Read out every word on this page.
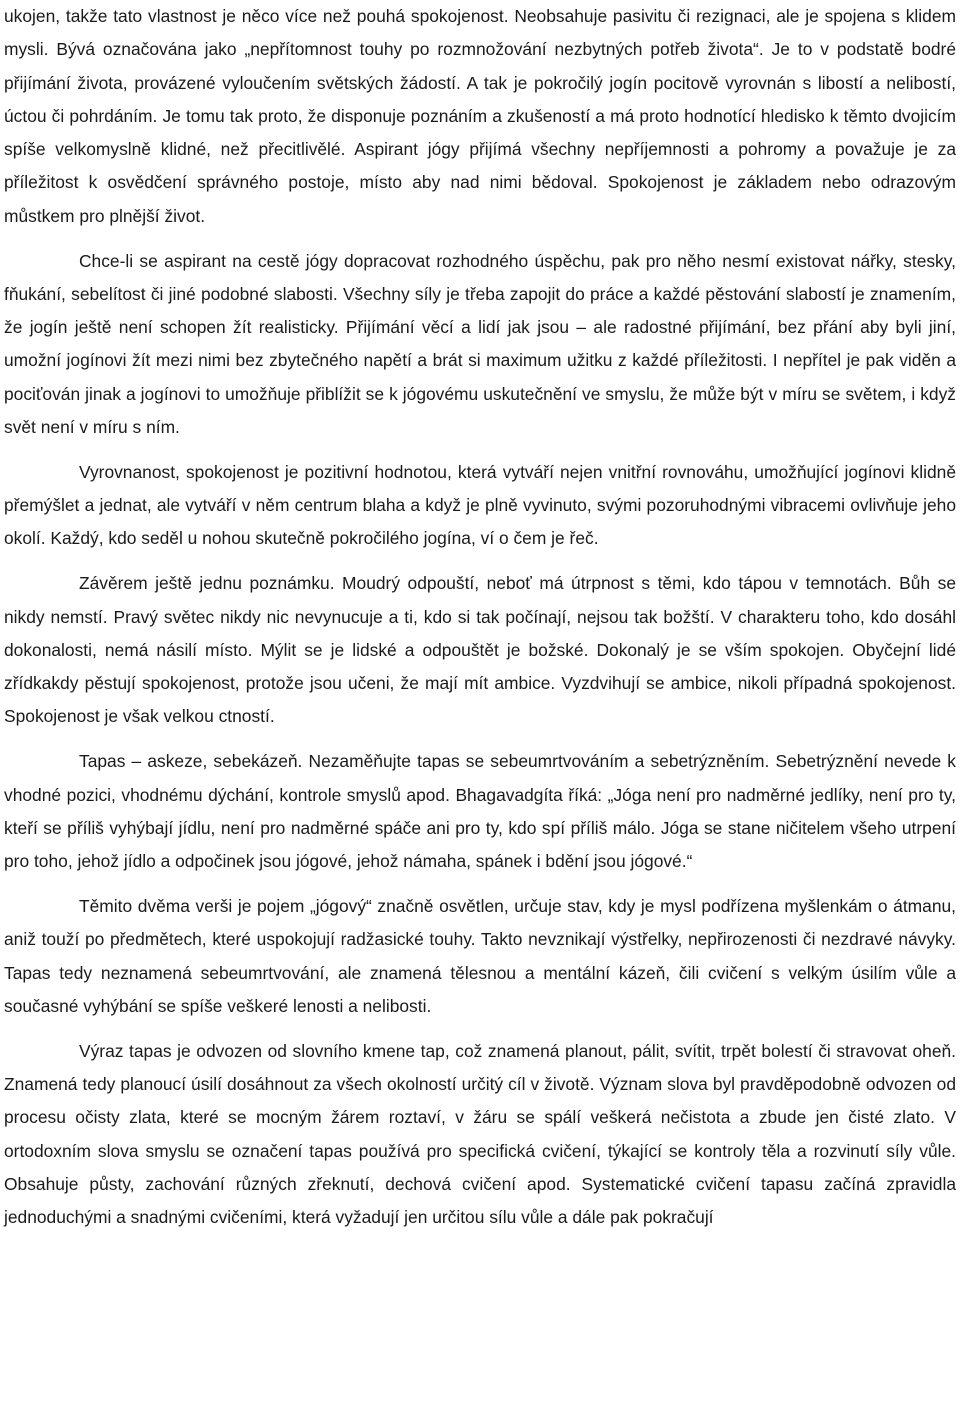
ukojen, takže tato vlastnost je něco více než pouhá spokojenost. Neobsahuje pasivitu či rezignaci, ale je spojena s klidem mysli. Bývá označována jako „nepřítomnost touhy po rozmnožování nezbytných potřeb života“. Je to v podstatě bodré přijímání života, provázené vyloučením světských žádostí. A tak je pokročilý jogín pocitově vyrovnán s libostí a nelibostí, úctou či pohrdáním. Je tomu tak proto, že disponuje poznáním a zkušeností a má proto hodnotící hledisko k těmto dvojicím spíše velkomyslně klidné, než přecitlivělé. Aspirant jógy přijímá všechny nepříjemnosti a pohromy a považuje je za příležitost k osvědčení správného postoje, místo aby nad nimi bědoval. Spokojenost je základem nebo odrazovým můstkem pro plnější život.

Chce-li se aspirant na cestě jógy dopracovat rozhodného úspěchu, pak pro něho nesmí existovat nářky, stesky, fňukání, sebelítost či jiné podobné slabosti. Všechny síly je třeba zapojit do práce a každé pěstování slabostí je znamením, že jogín ještě není schopen žít realisticky. Přijímání věcí a lidí jak jsou – ale radostné přijímání, bez přání aby byli jiní, umožní jogínovi žít mezi nimi bez zbytečného napětí a brát si maximum užitku z každé příležitosti. I nepřítel je pak viděn a pociťován jinak a jogínovi to umožňuje přiblížit se k jógovému uskutečnění ve smyslu, že může být v míru se světem, i když svět není v míru s ním.

Vyrovnanost, spokojenost je pozitivní hodnotou, která vytváří nejen vnitřní rovnováhu, umožňující jogínovi klidně přemýšlet a jednat, ale vytváří v něm centrum blaha a když je plně vyvinuto, svými pozoruhodnými vibracemi ovlivňuje jeho okolí. Každý, kdo seděl u nohou skutečně pokročilého jogína, ví o čem je řeč.

Závěrem ještě jednu poznámku. Moudrý odpouští, neboť má útrpnost s těmi, kdo tápou v temnotách. Bůh se nikdy nemstí. Pravý světec nikdy nic nevynucuje a ti, kdo si tak počínají, nejsou tak božští. V charakteru toho, kdo dosáhl dokonalosti, nemá násilí místo. Mýlit se je lidské a odpouštět je božské. Dokonalý je se vším spokojen. Obyčejní lidé zřídkakdy pěstují spokojenost, protože jsou učeni, že mají mít ambice. Vyzdvihují se ambice, nikoli případná spokojenost. Spokojenost je však velkou ctností.

Tapas – askeze, sebekázeň. Nezaměňujte tapas se sebeumrtvováním a sebetrýzněním. Sebetrýznění nevede k vhodné pozici, vhodnému dýchání, kontrole smyslů apod. Bhagavadgíta říká: „Jóga není pro nadměrné jedlíky, není pro ty, kteří se příliš vyhýbají jídlu, není pro nadměrné spáče ani pro ty, kdo spí příliš málo. Jóga se stane ničitelem všeho utrpení pro toho, jehož jídlo a odpočinek jsou jógové, jehož námaha, spánek i bdění jsou jógové.“

Těmito dvěma verši je pojem „jógový“ značně osvětlen, určuje stav, kdy je mysl podřízena myšlenkám o átmanu, aniž touží po předmětech, které uspokojují radžasické touhy. Takto nevznikají výstřelky, nepřirozenosti či nezdravé návyky. Tapas tedy neznamená sebeumrtvování, ale znamená tělesnou a mentální kázeň, čili cvičení s velkým úsilím vůle a současné vyhýbání se spíše veškeré lenosti a nelibosti.

Výraz tapas je odvozen od slovního kmene tap, což znamená planout, pálit, svítit, trpět bolestí či stravovat oheň. Znamená tedy planoucí úsilí dosáhnout za všech okolností určitý cíl v životě. Význam slova byl pravděpodobně odvozen od procesu očisty zlata, které se mocným žárem roztaví, v žáru se spálí veškerá nečistota a zbude jen čisté zlato. V ortodoxním slova smyslu se označení tapas používá pro specifická cvičení, týkající se kontroly těla a rozvinutí síly vůle. Obsahuje půsty, zachování různých zřeknutí, dechová cvičení apod. Systematické cvičení tapasu začíná zpravidla jednoduchými a snadnými cvičeními, která vyžadují jen určitou sílu vůle a dále pak pokračují
